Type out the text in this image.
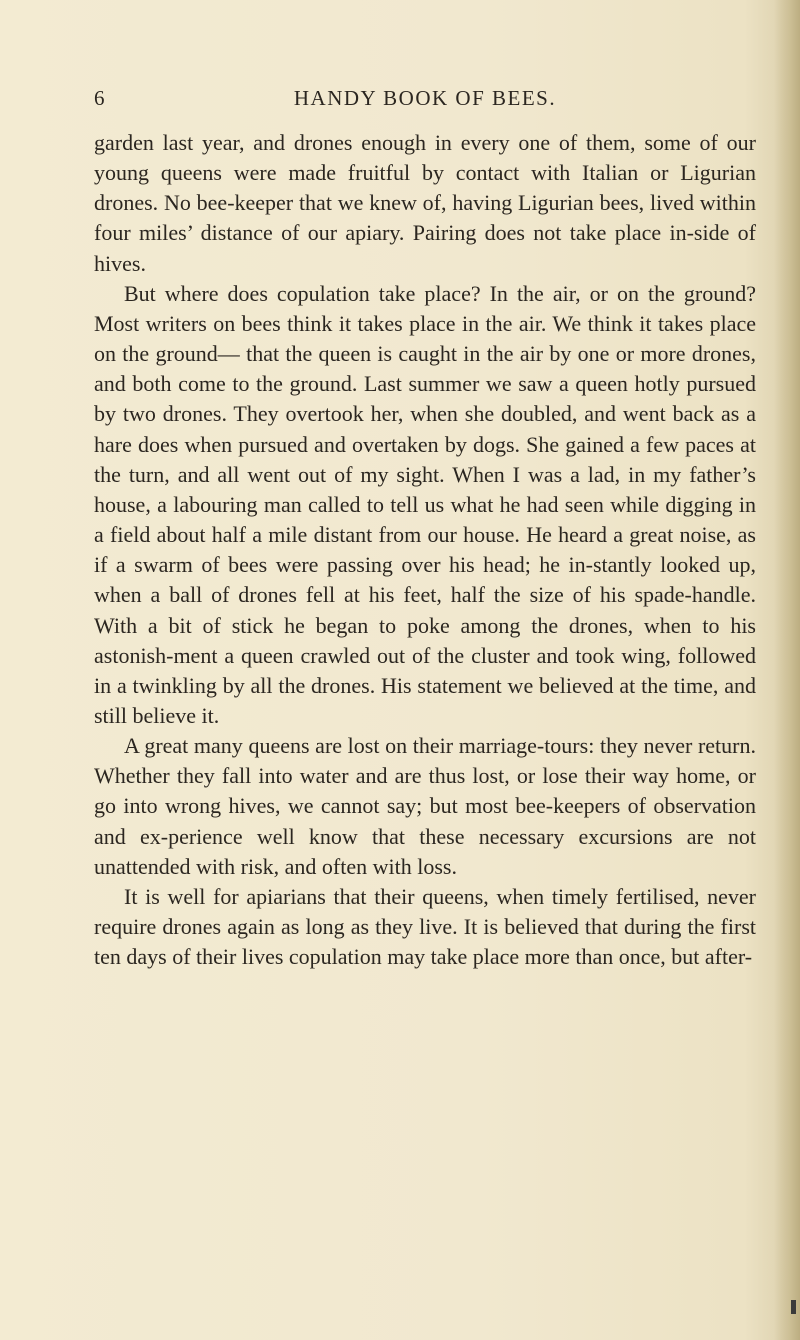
6	HANDY BOOK OF BEES.

garden last year, and drones enough in every one of them, some of our young queens were made fruitful by contact with Italian or Ligurian drones. No bee-keeper that we knew of, having Ligurian bees, lived within four miles’ distance of our apiary. Pairing does not take place in-side of hives.

But where does copulation take place? In the air, or on the ground? Most writers on bees think it takes place in the air. We think it takes place on the ground— that the queen is caught in the air by one or more drones, and both come to the ground. Last summer we saw a queen hotly pursued by two drones. They overtook her, when she doubled, and went back as a hare does when pursued and overtaken by dogs. She gained a few paces at the turn, and all went out of my sight. When I was a lad, in my father’s house, a labouring man called to tell us what he had seen while digging in a field about half a mile distant from our house. He heard a great noise, as if a swarm of bees were passing over his head; he in-stantly looked up, when a ball of drones fell at his feet, half the size of his spade-handle. With a bit of stick he began to poke among the drones, when to his astonish-ment a queen crawled out of the cluster and took wing, followed in a twinkling by all the drones. His statement we believed at the time, and still believe it.

A great many queens are lost on their marriage-tours: they never return. Whether they fall into water and are thus lost, or lose their way home, or go into wrong hives, we cannot say; but most bee-keepers of observation and ex-perience well know that these necessary excursions are not unattended with risk, and often with loss.

It is well for apiarians that their queens, when timely fertilised, never require drones again as long as they live. It is believed that during the first ten days of their lives copulation may take place more than once, but after-
